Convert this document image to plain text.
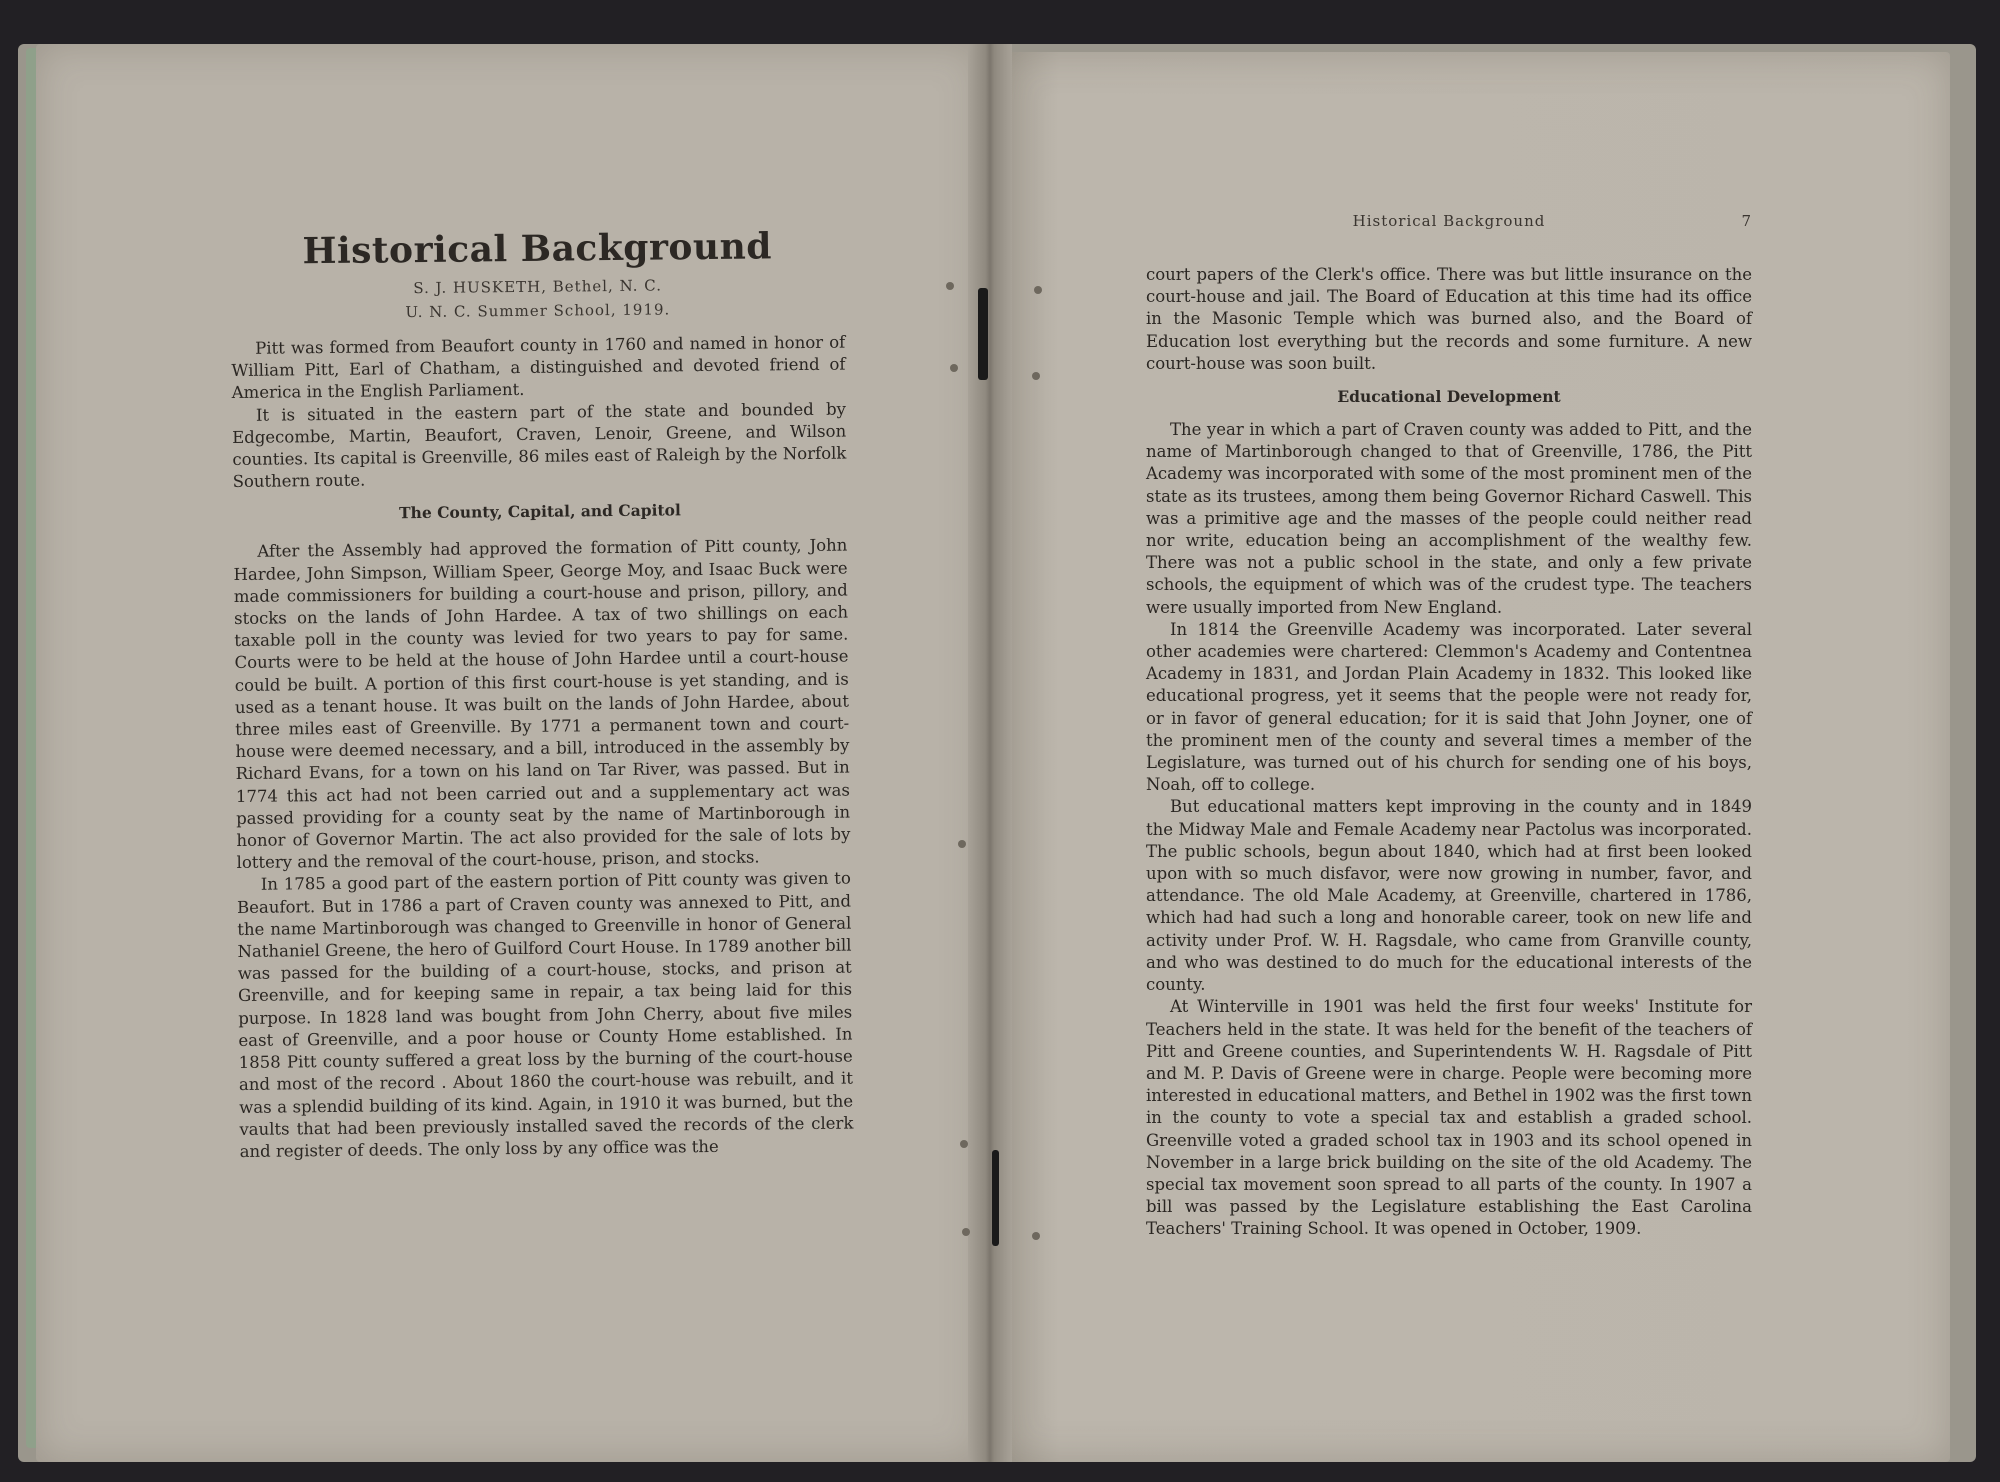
Historical Background
S. J. HUSKETH, Bethel, N. C.
U. N. C. Summer School, 1919.

Pitt was formed from Beaufort county in 1760 and named in honor of William Pitt, Earl of Chatham, a distinguished and devoted friend of America in the English Parliament.

It is situated in the eastern part of the state and bounded by Edgecombe, Martin, Beaufort, Craven, Lenoir, Greene, and Wilson counties. Its capital is Greenville, 86 miles east of Raleigh by the Norfolk Southern route.

The County, Capital, and Capitol

After the Assembly had approved the formation of Pitt county, John Hardee, John Simpson, William Speer, George Moy, and Isaac Buck were made commissioners for building a court-house and prison, pillory, and stocks on the lands of John Hardee. A tax of two shillings on each taxable poll in the county was levied for two years to pay for same. Courts were to be held at the house of John Hardee until a court-house could be built. A portion of this first court-house is yet standing, and is used as a tenant house. It was built on the lands of John Hardee, about three miles east of Greenville. By 1771 a permanent town and court-house were deemed necessary, and a bill, introduced in the assembly by Richard Evans, for a town on his land on Tar River, was passed. But in 1774 this act had not been carried out and a supplementary act was passed providing for a county seat by the name of Martinborough in honor of Governor Martin. The act also provided for the sale of lots by lottery and the removal of the court-house, prison, and stocks.

In 1785 a good part of the eastern portion of Pitt county was given to Beaufort. But in 1786 a part of Craven county was annexed to Pitt, and the name Martinborough was changed to Greenville in honor of General Nathaniel Greene, the hero of Guilford Court House. In 1789 another bill was passed for the building of a court-house, stocks, and prison at Greenville, and for keeping same in repair, a tax being laid for this purpose. In 1828 land was bought from John Cherry, about five miles east of Greenville, and a poor house or County Home established. In 1858 Pitt county suffered a great loss by the burning of the court-house and most of the record . About 1860 the court-house was rebuilt, and it was a splendid building of its kind. Again, in 1910 it was burned, but the vaults that had been previously installed saved the records of the clerk and register of deeds. The only loss by any office was the

Historical Background	7

court papers of the Clerk's office. There was but little insurance on the court-house and jail. The Board of Education at this time had its office in the Masonic Temple which was burned also, and the Board of Education lost everything but the records and some furniture. A new court-house was soon built.

Educational Development

The year in which a part of Craven county was added to Pitt, and the name of Martinborough changed to that of Greenville, 1786, the Pitt Academy was incorporated with some of the most prominent men of the state as its trustees, among them being Governor Richard Caswell. This was a primitive age and the masses of the people could neither read nor write, education being an accomplishment of the wealthy few. There was not a public school in the state, and only a few private schools, the equipment of which was of the crudest type. The teachers were usually imported from New England.

In 1814 the Greenville Academy was incorporated. Later several other academies were chartered: Clemmon's Academy and Contentnea Academy in 1831, and Jordan Plain Academy in 1832. This looked like educational progress, yet it seems that the people were not ready for, or in favor of general education; for it is said that John Joyner, one of the prominent men of the county and several times a member of the Legislature, was turned out of his church for sending one of his boys, Noah, off to college.

But educational matters kept improving in the county and in 1849 the Midway Male and Female Academy near Pactolus was incorporated. The public schools, begun about 1840, which had at first been looked upon with so much disfavor, were now growing in number, favor, and attendance. The old Male Academy, at Greenville, chartered in 1786, which had had such a long and honorable career, took on new life and activity under Prof. W. H. Ragsdale, who came from Granville county, and who was destined to do much for the educational interests of the county.

At Winterville in 1901 was held the first four weeks' Institute for Teachers held in the state. It was held for the benefit of the teachers of Pitt and Greene counties, and Superintendents W. H. Ragsdale of Pitt and M. P. Davis of Greene were in charge. People were becoming more interested in educational matters, and Bethel in 1902 was the first town in the county to vote a special tax and establish a graded school. Greenville voted a graded school tax in 1903 and its school opened in November in a large brick building on the site of the old Academy. The special tax movement soon spread to all parts of the county. In 1907 a bill was passed by the Legislature establishing the East Carolina Teachers' Training School. It was opened in October, 1909.
